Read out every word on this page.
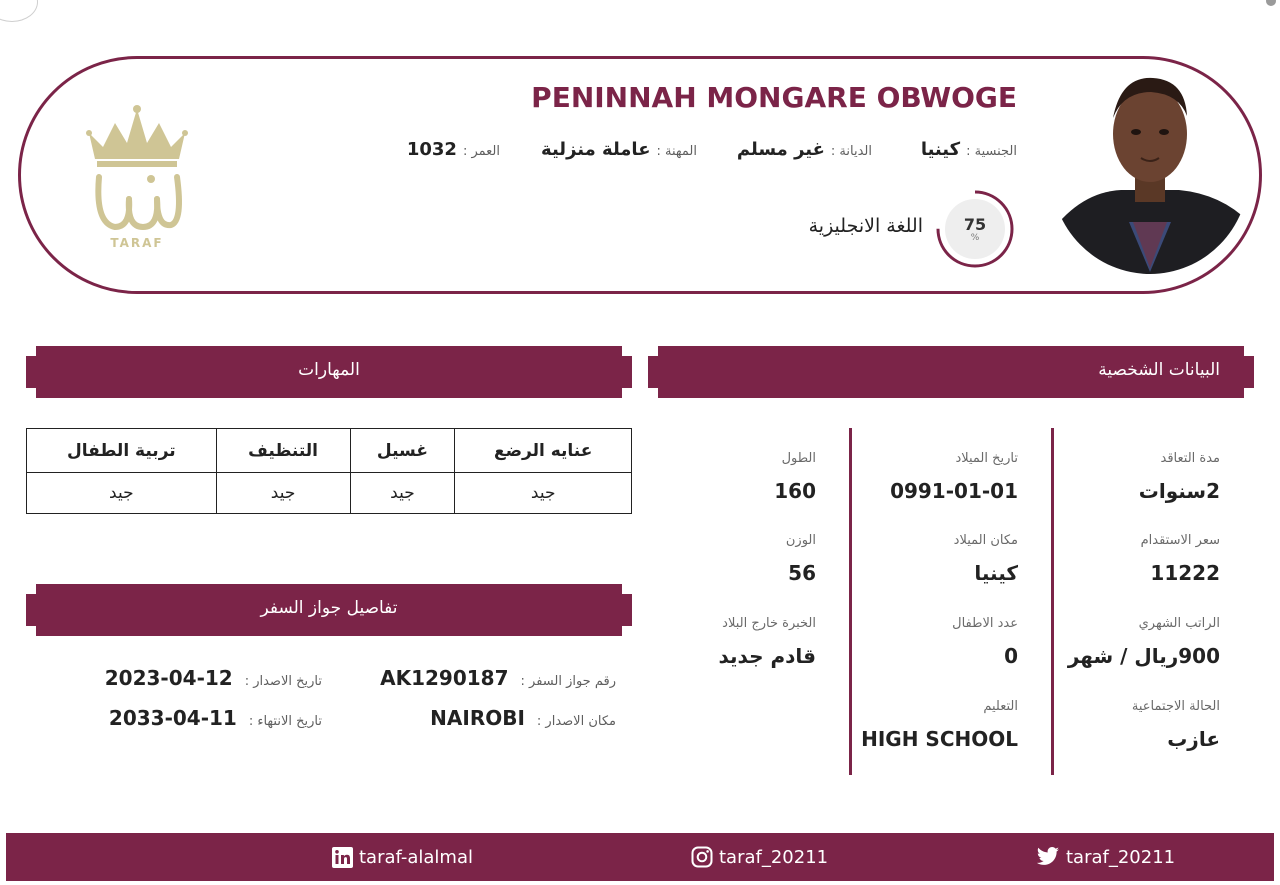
PENINNAH MONGARE OBWOGE
الجنسية :
كينيا
الديانة :
غير مسلم
المهنة :
عاملة منزلية
العمر :
1032
75
%
اللغة الانجليزية
TARAF
المهارات
عنايه الرضع	غسيل	التنظيف	تربية الطفال
جيد	جيد	جيد	جيد
تفاصيل جواز السفر
رقم جواز السفر :
AK1290187
تاريخ الاصدار :
2023-04-12
مكان الاصدار :
NAIROBI
تاريخ الانتهاء :
2033-04-11
البيانات الشخصية
مدة التعاقد
2سنوات
سعر الاستقدام
11222
الراتب الشهري
900ريال / شهر
الحالة الاجتماعية
عازب
تاريخ الميلاد
0991-01-01
مكان الميلاد
كينيا
عدد الاطفال
0
التعليم
HIGH SCHOOL
الطول
160
الوزن
56
الخبرة خارج البلاد
قادم جديد
taraf_20211
taraf_20211
taraf-alalmal
